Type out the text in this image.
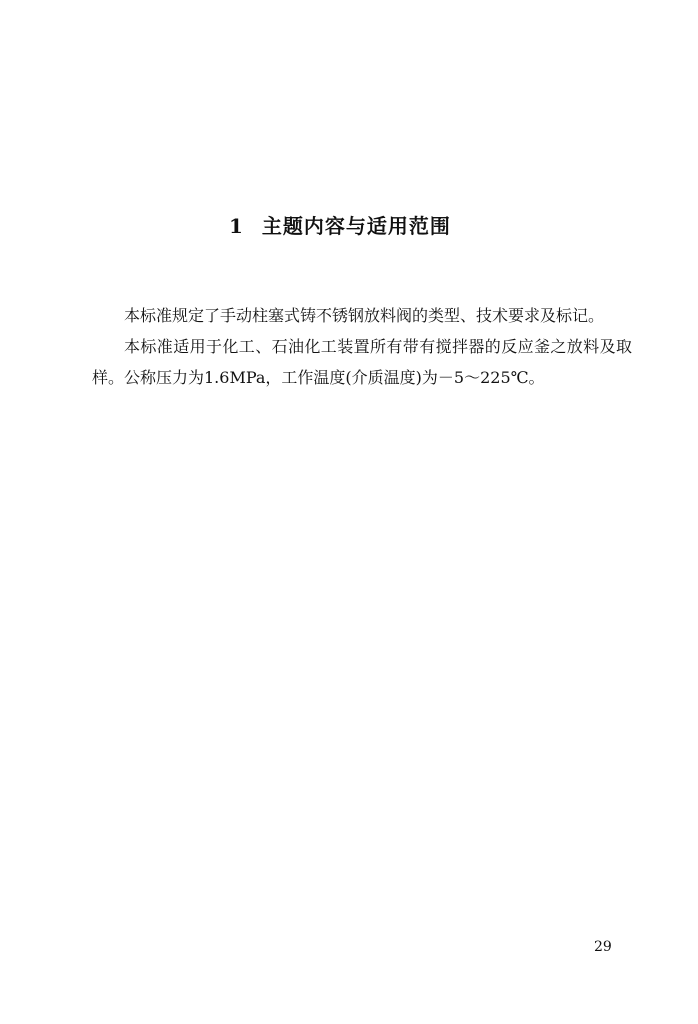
1 主题内容与适用范围

本标准规定了手动柱塞式铸不锈钢放料阀的类型、技术要求及标记。

本标准适用于化工、石油化工装置所有带有搅拌器的反应釜之放料及取样。公称压力为1.6MPa，工作温度(介质温度)为－5～225℃。

29
